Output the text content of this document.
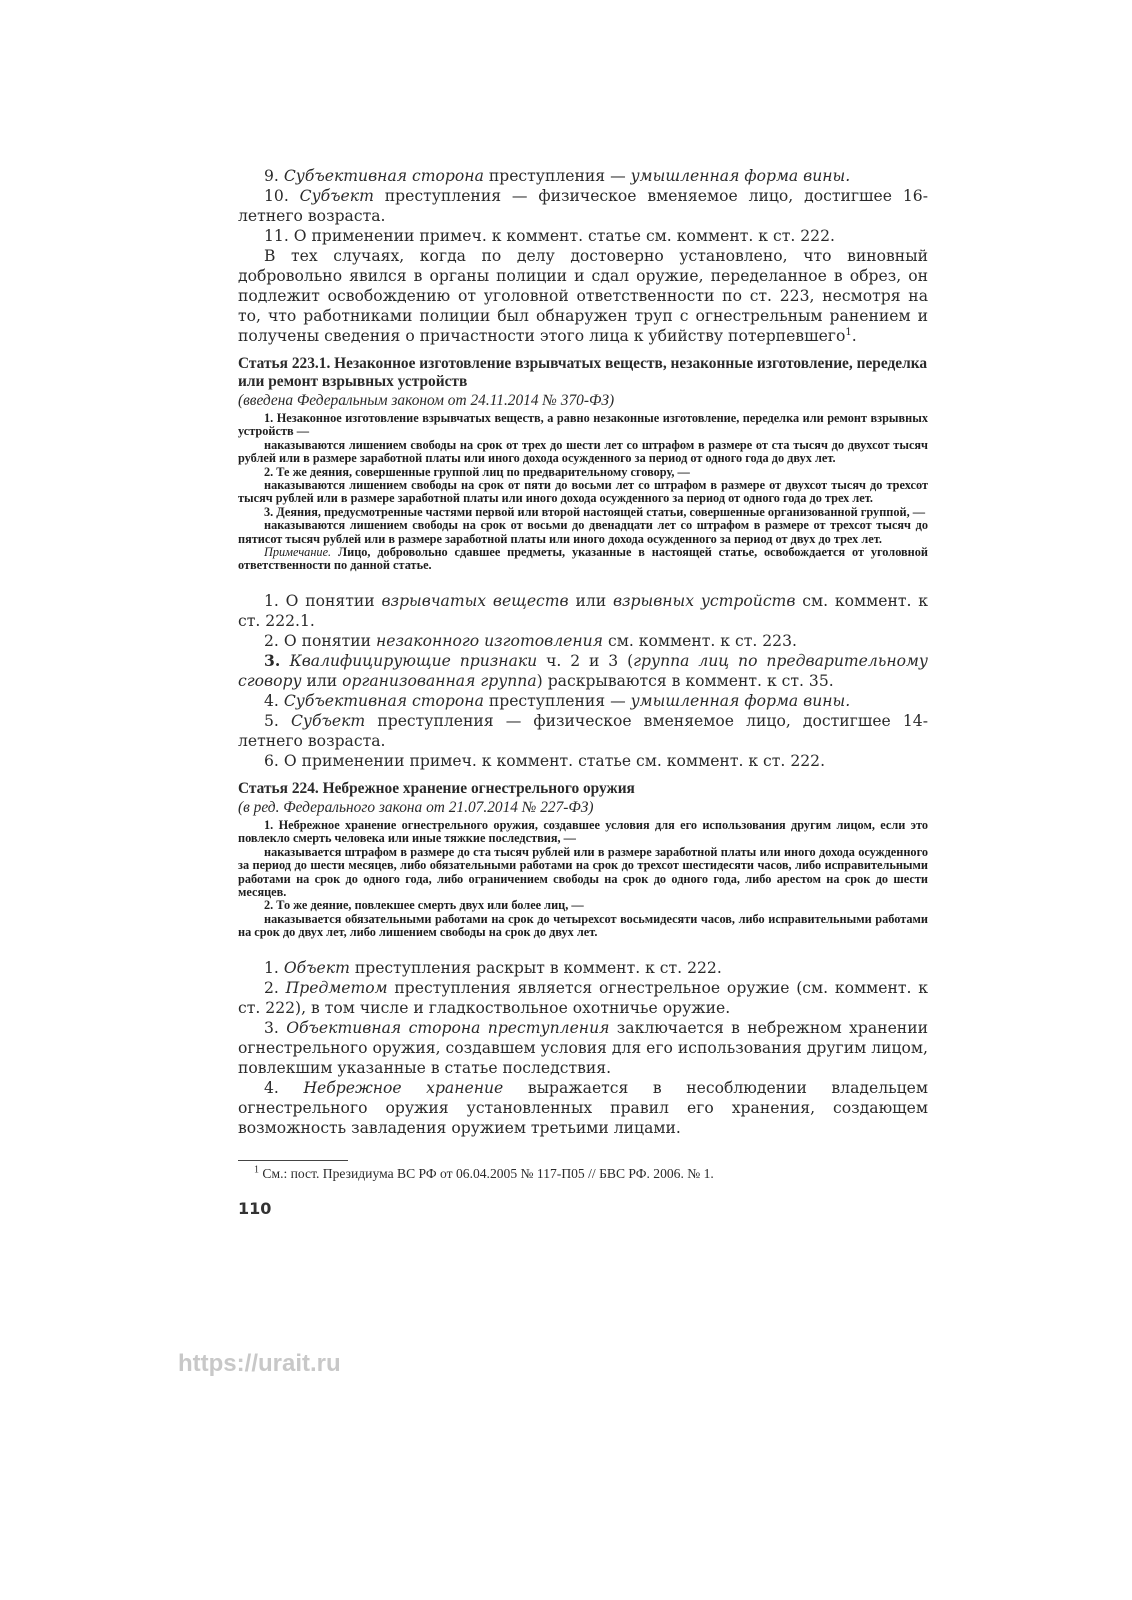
9. Субъективная сторона преступления — умышленная форма вины.

10. Субъект преступления — физическое вменяемое лицо, достигшее 16-летнего возраста.

11. О применении примеч. к коммент. статье см. коммент. к ст. 222.

В тех случаях, когда по делу достоверно установлено, что виновный добровольно явился в органы полиции и сдал оружие, переделанное в обрез, он подлежит освобождению от уголовной ответственности по ст. 223, несмотря на то, что работниками полиции был обнаружен труп с огнестрельным ранением и получены сведения о причастности этого лица к убийству потерпевшего$^1$.

Статья 223.1. Незаконное изготовление взрывчатых веществ, незаконные изготовление, переделка или ремонт взрывных устройств

(введена Федеральным законом от 24.11.2014 № 370-ФЗ)

1. Незаконное изготовление взрывчатых веществ, а равно незаконные изготовление, переделка или ремонт взрывных устройств —

наказываются лишением свободы на срок от трех до шести лет со штрафом в размере от ста тысяч до двухсот тысяч рублей или в размере заработной платы или иного дохода осужденного за период от одного года до двух лет.

2. Те же деяния, совершенные группой лиц по предварительному сговору, —

наказываются лишением свободы на срок от пяти до восьми лет со штрафом в размере от двухсот тысяч до трехсот тысяч рублей или в размере заработной платы или иного дохода осужденного за период от одного года до трех лет.

3. Деяния, предусмотренные частями первой или второй настоящей статьи, совершенные организованной группой, —

наказываются лишением свободы на срок от восьми до двенадцати лет со штрафом в размере от трехсот тысяч до пятисот тысяч рублей или в размере заработной платы или иного дохода осужденного за период от двух до трех лет.

Примечание. Лицо, добровольно сдавшее предметы, указанные в настоящей статье, освобождается от уголовной ответственности по данной статье.

1. О понятии взрывчатых веществ или взрывных устройств см. коммент. к ст. 222.1.

2. О понятии незаконного изготовления см. коммент. к ст. 223.

3. Квалифицирующие признаки ч. 2 и 3 (группа лиц по предварительному сговору или организованная группа) раскрываются в коммент. к ст. 35.

4. Субъективная сторона преступления — умышленная форма вины.

5. Субъект преступления — физическое вменяемое лицо, достигшее 14-летнего возраста.

6. О применении примеч. к коммент. статье см. коммент. к ст. 222.

Статья 224. Небрежное хранение огнестрельного оружия

(в ред. Федерального закона от 21.07.2014 № 227-ФЗ)

1. Небрежное хранение огнестрельного оружия, создавшее условия для его использования другим лицом, если это повлекло смерть человека или иные тяжкие последствия, —

наказывается штрафом в размере до ста тысяч рублей или в размере заработной платы или иного дохода осужденного за период до шести месяцев, либо обязательными работами на срок до трехсот шестидесяти часов, либо исправительными работами на срок до одного года, либо ограничением свободы на срок до одного года, либо арестом на срок до шести месяцев.

2. То же деяние, повлекшее смерть двух или более лиц, —

наказывается обязательными работами на срок до четырехсот восьмидесяти часов, либо исправительными работами на срок до двух лет, либо лишением свободы на срок до двух лет.

1. Объект преступления раскрыт в коммент. к ст. 222.

2. Предметом преступления является огнестрельное оружие (см. коммент. к ст. 222), в том числе и гладкоствольное охотничье оружие.

3. Объективная сторона преступления заключается в небрежном хранении огнестрельного оружия, создавшем условия для его использования другим лицом, повлекшим указанные в статье последствия.

4. Небрежное хранение выражается в несоблюдении владельцем огнестрельного оружия установленных правил его хранения, создающем возможность завладения оружием третьими лицами.

$^1$ См.: пост. Президиума ВС РФ от 06.04.2005 № 117-П05 // БВС РФ. 2006. № 1.

110

https://urait.ru
